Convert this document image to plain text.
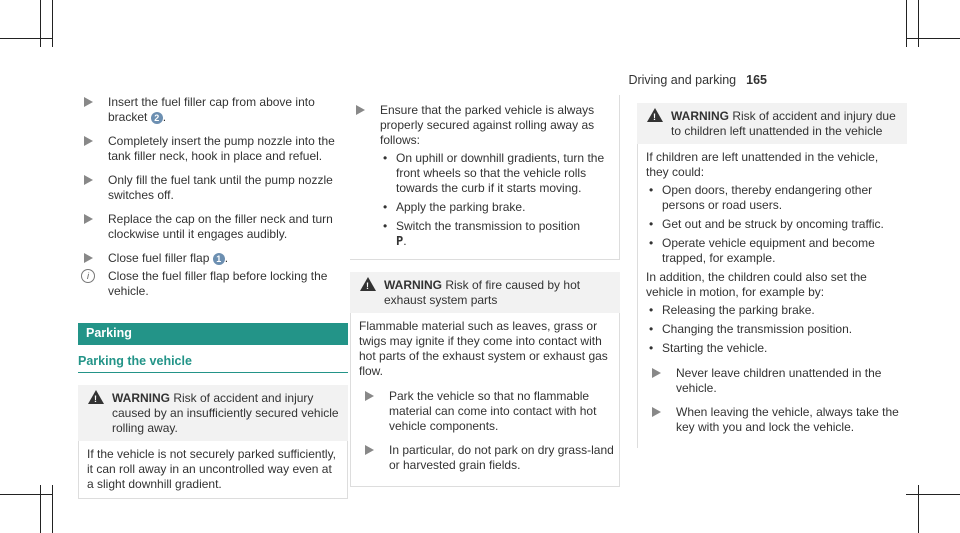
Driving and parking 165
Insert the fuel filler cap from above into bracket 2 .
Completely insert the pump nozzle into the tank filler neck, hook in place and refuel.
Only fill the fuel tank until the pump nozzle switches off.
Replace the cap on the filler neck and turn clockwise until it engages audibly.
Close fuel filler flap 1 .
i	Close the fuel filler flap before locking the vehicle.
Parking
Parking the vehicle
!
WARNING Risk of accident and injury caused by an insufficiently secured vehicle rolling away.
If the vehicle is not securely parked sufficiently, it can roll away in an uncontrolled way even at a slight downhill gradient.
Ensure that the parked vehicle is always properly secured against rolling away as follows:
• On uphill or downhill gradients, turn the front wheels so that the vehicle rolls towards the curb if it starts moving.
• Apply the parking brake.
• Switch the transmission to position
P.
!
WARNING Risk of fire caused by hot exhaust system parts
Flammable material such as leaves, grass or twigs may ignite if they come into contact with hot parts of the exhaust system or exhaust gas flow.
Park the vehicle so that no flammable material can come into contact with hot vehicle components.
In particular, do not park on dry grass-land or harvested grain fields.
!
WARNING Risk of accident and injury due to children left unattended in the vehicle
If children are left unattended in the vehicle, they could:
• Open doors, thereby endangering other persons or road users.
• Get out and be struck by oncoming traffic.
• Operate vehicle equipment and become trapped, for example.
In addition, the children could also set the vehicle in motion, for example by:
• Releasing the parking brake.
• Changing the transmission position.
• Starting the vehicle.
Never leave children unattended in the vehicle.
When leaving the vehicle, always take the key with you and lock the vehicle.
